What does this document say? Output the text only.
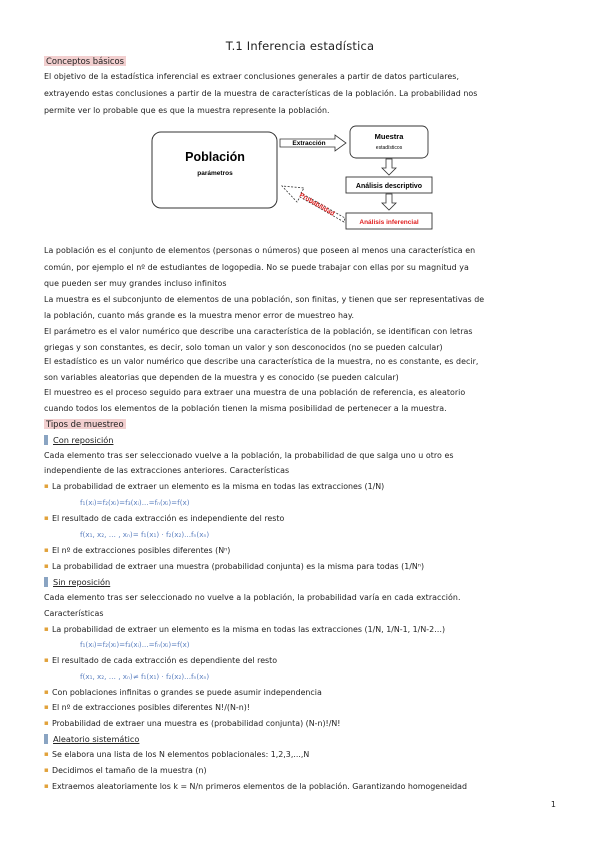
T.1 Inferencia estadística
Conceptos básicos
El objetivo de la estadística inferencial es extraer conclusiones generales a partir de datos particulares,
extrayendo estas conclusiones a partir de la muestra de características de la población. La probabilidad nos
permite ver lo probable que es que la muestra represente la población.
Población
parámetros
Extracción
Muestra
estadísticos
Análisis descriptivo
Análisis inferencial
Probabilidad
La población es el conjunto de elementos (personas o números) que poseen al menos una característica en
común, por ejemplo el nº de estudiantes de logopedia. No se puede trabajar con ellas por su magnitud ya
que pueden ser muy grandes incluso infinitos
La muestra es el subconjunto de elementos de una población, son finitas, y tienen que ser representativas de
la población, cuanto más grande es la muestra menor error de muestreo hay.
El parámetro es el valor numérico que describe una característica de la población, se identifican con letras
griegas y son constantes, es decir, solo toman un valor y son desconocidos (no se pueden calcular)
El estadístico es un valor numérico que describe una característica de la muestra, no es constante, es decir,
son variables aleatorias que dependen de la muestra y es conocido (se pueden calcular)
El muestreo es el proceso seguido para extraer una muestra de una población de referencia, es aleatorio
cuando todos los elementos de la población tienen la misma posibilidad de pertenecer a la muestra.
Tipos de muestreo
Con reposición
Cada elemento tras ser seleccionado vuelve a la población, la probabilidad de que salga uno u otro es
independiente de las extracciones anteriores. Características
▪ La probabilidad de extraer un elemento es la misma en todas las extracciones (1/N)
f₁(xᵢ)=f₂(xᵢ)=f₃(xᵢ)...=fₙ(xᵢ)=f(x)
▪ El resultado de cada extracción es independiente del resto
f(x₁, x₂, … , xₙ)= f₁(x₁) · f₂(x₂)...fₙ(xₙ)
▪ El nº de extracciones posibles diferentes (Nⁿ)
▪ La probabilidad de extraer una muestra (probabilidad conjunta) es la misma para todas (1/Nⁿ)
Sin reposición
Cada elemento tras ser seleccionado no vuelve a la población, la probabilidad varía en cada extracción.
Características
▪ La probabilidad de extraer un elemento es la misma en todas las extracciones (1/N, 1/N-1, 1/N-2…)
f₁(xᵢ)=f₂(xᵢ)=f₃(xᵢ)...=fₙ(xᵢ)=f(x)
▪ El resultado de cada extracción es dependiente del resto
f(x₁, x₂, … , xₙ)≠ f₁(x₁) · f₂(x₂)...fₙ(xₙ)
▪ Con poblaciones infinitas o grandes se puede asumir independencia
▪ El nº de extracciones posibles diferentes N!/(N-n)!
▪ Probabilidad de extraer una muestra es (probabilidad conjunta) (N-n)!/N!
Aleatorio sistemático
▪ Se elabora una lista de los N elementos poblacionales: 1,2,3,...,N
▪ Decidimos el tamaño de la muestra (n)
▪ Extraemos aleatoriamente los k = N/n primeros elementos de la población. Garantizando homogeneidad
1
